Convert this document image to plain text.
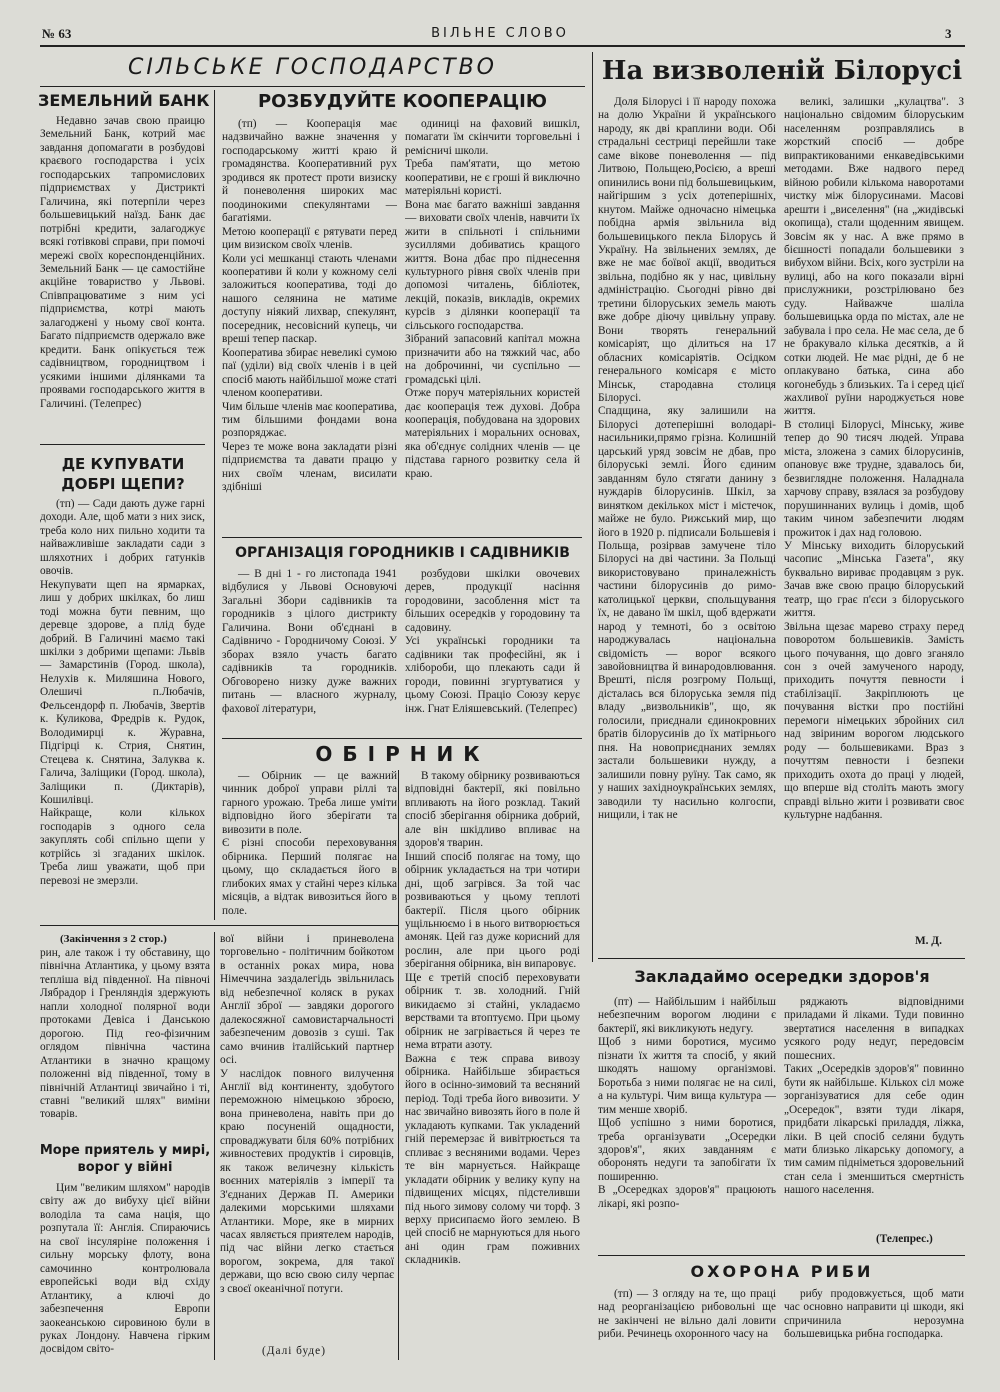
№ 63	ВІЛЬНЕ СЛОВО	3
СІЛЬСЬКЕ ГОСПОДАРСТВО
ЗЕМЕЛЬНИЙ БАНК
Недавно зачав свою праицю Земельний Банк, котрий має завдання допомагати в розбудові краєвого господарства і усіх господарських тапромислових підприємствах у Дистрикті Галичина, які потерпіли через большевицький наїзд. Банк дає потрібні кредити, залагоджує всякі готівкові справи, при помочі мережі своїх кореспонденційних. Земельний Банк — це самостійне акційне товариство у Львові. Співпрацюватиме з ним усі підприємства, котрі мають залагоджені у ньому свої конта. Багато підприємств одержало вже кредити. Банк опікується теж садівництвом, городництвом і усякими іншими ділянками та проявами господарського життя в Галичині. (Телепрес)
ДЕ КУПУВАТИ ДОБРІ ЩЕПИ?
(тп) — Сади дають дуже гарні доходи. Але, щоб мати з них зиск, треба коло них пильно ходити та найважливіше закладати сади з шляхотних і добрих гатунків овочів.
Некупувати щеп на ярмарках, лиш у добрих шкілках, бо лиш тоді можна бути певним, що деревце здорове, а плід буде добрий. В Галичині маємо такі шкілки з добрими щепами: Львів — Замарстинів (Город. школа), Нелухів к. Миляшина Нового, Олешичі п.Любачів, Фельсендорф п. Любачів, Звертів к. Куликова, Фредрів к. Рудок, Володимирці к. Журавна, Підгірці к. Стрия, Снятин, Стецева к. Снятина, Залуква к. Галича, Заліщики (Город. школа), Заліщики п. (Диктарів), Кошилівці.
Найкраще, коли кількох господарів з одного села закуплять собі спільно щепи у котрійсь зі згаданих шкілок. Треба лиш уважати, щоб при перевозі не змерзли.
РОЗБУДУЙТЕ КООПЕРАЦІЮ
(тп) — Кооперація має надзвичайно важне значення у господарському житті краю й громадянства. Кооперативний рух зродився як протест проти визиску й поневолення широких мас поодинокими спекулянтами — багатіями.
Метою кооперації є рятувати перед цим визиском своїх членів.
Коли усі мешканці стають членами кооперативи й коли у кожному селі заложиться кооператива, тоді до нашого селянина не матиме доступу ніякий лихвар, спекулянт, посередник, несовісний купець, чи вреші тепер паскар.
Кооператива збирає невеликі сумою паї (уділи) від своїх членів і в цей спосіб мають найбільшої може статі членом кооперативи.
Чим більше членів має кооператива, тим більшими фондами вона розпоряджає.
Через те може вона закладати різні підприємства та давати працю у них своїм членам, висилати здібніші
одиниці на фаховий вишкіл, помагати їм скінчити торговельні і ремісничі школи.
Треба пам'ятати, що метою кооперативи, не є гроші й виключно матеріяльні користі.
Вона має багато важніші завдання — виховати своїх членів, навчити їх жити в спільноті і спільними зусиллями добиватись кращого життя. Вона дбає про піднесення культурного рівня своїх членів при допомозі читалень, бібліотек, лекцій, показів, викладів, окремих курсів з ділянки кооперації та сільського господарства.
Зібраний запасовий капітал можна призначити або на тяжкий час, або на доброчинні, чи суспільно — громадські цілі.
Отже поруч матеріяльних користей дає кооперація теж духові. Добра кооперація, побудована на здорових матеріяльних і моральних основах, яка об'єднує солідних членів — це підстава гарного розвитку села й краю.
ОРГАНІЗАЦІЯ ГОРОДНИКІВ І САДІВНИКІВ
— В дні 1 - го листопада 1941 відбулися у Львові Основуючі Загальні Збори садівників та городників з цілого дистрикту Галичина. Вони об'єднані в Садівничо - Городничому Союзі. У зборах взяло участь багато садівників та городників. Обговорено низку дуже важних питань — власного журналу, фахової літератури,
розбудови шкілки овочевих дерев, продукції насіння городовини, засоблення міст та більших осередків у городовину та садовину.
Усі українські городники та садівники так професійні, як і хлібороби, що плекають сади й городи, повинні згуртуватися у цьому Союзі. Праціо Союзу керує інж. Гнат Еліяшевський. (Телепрес)
ОБІРНИК
— Обірник — це важний чинник доброї управи ріллі та гарного урожаю. Треба лише уміти відповідно його зберігати та вивозити в поле.
Є різні способи переховування обірника. Перший полягає на цьому, що складається його в глибоких ямах у стайні через кілька місяців, а відтак вивозиться його в поле.
В такому обірнику розвиваються відповідні бактерії, які повільно впливають на його розклад. Такий спосіб зберігання обірника добрий, але він шкідливо впливає на здоров'я тварин.
Інший спосіб полягає на тому, що обірник укладається на три чотири дні, щоб загрівся. За той час розвиваються у цьому теплоті бактерії. Після цього обірник ущільнюємо і в нього витворюється амоняк. Цей газ дуже корисний для рослин, але при цього роді зберігання обірника, він випаровує.
Ще є третій спосіб переховувати обірник т. зв. холодний. Гній викидаємо зі стайні, укладаємо верствами та втоптуємо. При цьому обірник не загрівається й через те нема втрати азоту.
Важна є теж справа вивозу обірника. Найбільше збирається його в осінно-зимовий та весняний період. Тоді треба його вивозити. У нас звичайно вивозять його в поле й укладають купками. Так укладений гній перемерзає й вивітрюється та спливає з весняними водами. Через те він марнується. Найкраще укладати обірник у велику купу на підвищених місцях, підстеливши під нього зимову солому чи торф. З верху присипаємо його землею. В цей спосіб не марнуються для нього ані один грам поживних складників.
(Закінчення з 2 стор.)
рин, але також і ту обставину, що північна Атлантика, у цьому взята тепліша від південної. На півночі Лябрадор і Гренляндія здержують напли холодної полярної води протоками Девіса і Данською дорогою. Під гео-фізичним оглядом північна частина Атлантики в значно кращому положенні від південної, тому в північній Атлантиці звичайно і ті, ставні "великий шлях" виміни товарів.
Море приятель у мирі, ворог у війні
Цим "великим шляхом" народів світу аж до вибуху цієї війни володіла та сама нація, що розпутала її: Англія. Спираючись на свої інсуляріне положення і сильну морську флоту, вона самочинно контролювала европейські води від східу Атлантику, а ключі до забезпечення Европи заокеанською сировиною були в руках Лондону. Навчена гірким досвідом світо-
вої війни і приневолена торговельно - політичним бойкотом в останніх роках мира, нова Німеччина заздалегідь звільнилась від небезпечної коляск в руках Англії зброї — завдяки дорогого далекосяжної самовистарчальності забезпеченим довозів з суші. Так само вчинив італійський партнер осі.
У наслідок повного вилучення Англії від континенту, здобутого переможною німецькою зброєю, вона приневолена, навіть при до краю посуненій ощадности, спроваджувати біля 60% потрібних живностевих продуктів і сировців, як також величезну кількість воєнних матеріялів з імперії та З'єднаних Держав П. Америки далекими морськими шляхами Атлантики. Море, яке в мирних часах являється приятелем народів, під час війни легко стається ворогом, зокрема, для такої держави, що всю свою силу черпає з своєї океанічної потуги.
(Далі буде)
На визволеній Білорусі
Доля Білорусі і її народу похожа на долю України й українського народу, як дві краплини води. Обі страдальні сестриці перейшли таке саме вікове поневолення — під Литвою, Польщею,Росією, а вреші опинились вони під большевицьким, найгіршим з усіх дотеперішніх, кнутом. Майже одночасно німецька побідна армія звільнила від большевицького пекла Білорусь й Україну. На звільнених землях, де вже не має боївої акції, вводиться звільна, подібно як у нас, цивільну адміністрацію. Сьогодні рівно дві третини білоруських земель мають вже добре діючу цивільну управу. Вони творять генеральний комісаріят, що ділиться на 17 обласних комісаріятів. Осідком генерального комісаря є місто Мінськ, стародавна столиця Білорусі.
Спадщина, яку залишили на Білорусі дотеперішні володарі-насильники,прямо грізна. Колишній царський уряд зовсім не дбав, про білоруські землі. Його єдиним завданням було стягати данину з нуждарів білорусинів. Шкіл, за винятком декількох міст і містечок, майже не було. Рижський мир, що його в 1920 р. підписали Большевія і Польща, розірвав замучене тіло Білорусі на дві частини. За Польщі використовувано приналежність частини білорусинів до римо-католицької церкви, спольщування їх, не давано їм шкіл, щоб вдержати народ у темноті, бо з освітою народжувалась національна свідомість — ворог всякого завойовництва й винародовлювання. Врешті, після розгрому Польщі, дісталась вся білоруська земля під владу „визвольників", що, як голосили, приєднали єдинокровних братів білорусинів до їх матірнього пня. На новоприєднаних землях застали большевики нужду, а залишили повну руїну. Так само, як у наших західноукраїнських землях, заводили ту насильно колгоспи, нищили, і так не
великі, залишки „кулацтва". З національно свідомим білоруським населенням розправлялись в жорсткий спосіб — добре випрактикованими енкаведівськими методами. Вже надвого перед війною робили кількома наворотами чистку між білорусинами. Масові арешти і „виселення" (на „жидівські окопища), стали щоденним явищем. Зовсім як у нас. А вже прямо в бієшності попадали большевики з вибухом війни. Всіх, кого зустріли на вулиці, або на кого показали вірні прислужники, розстрілювано без суду. Найважче шаліла большевицька орда по містах, але не забувала і про села. Не має села, де б не бракувало кілька десятків, а й сотки людей. Не має рідні, де б не оплакувано батька, сина або когонебудь з близьких. Та і серед цієї жахливої руїни народжується нове життя.
В столиці Білорусі, Мінську, живе тепер до 90 тисяч людей. Управа міста, зложена з самих білорусинів, опановує вже трудне, здавалось би, безвиглядне положення. Наладнала харчову справу, взялася за розбудову порушиннаних вулиць і домів, щоб таким чином забезпечити людям прожиток і дах над головою.
У Мінську виходить білоруський часопис „Мінська Газета", яку буквально вириває продавцям з рук. Зачав вже свою працю білоруський театр, що грає п'єси з білоруського життя.
Звільна щезає марево страху перед поворотом большевиків. Замість цього почування, що довго зганяло сон з очей замученого народу, приходить почуття певности і стабілізації. Закріплюють це почування вістки про постійні перемоги німецьких збройних сил над звіриним ворогом людського роду — большевиками. Враз з почуттям певности і безпеки приходить охота до праці у людей, що вперше від століть мають змогу справді вільно жити і розвивати своє культурне надбання.
М. Д.
Закладаймо осередки здоров'я
(пт) — Найбільшим і найбільш небезпечним ворогом людини є бактерії, які викликують недугу.
Щоб з ними боротися, мусимо пізнати їх життя та спосіб, у який шкодять нашому організмові. Боротьба з ними полягає не на силі, а на культурі. Чим вища культура — тим менше хворіб.
Щоб успішно з ними боротися, треба організувати „Осередки здоров'я", яких завданням є оборонять недуги та запобігати їх поширенню.
В „Осередках здоров'я" працюють лікарі, які розпо-
ряджають відповідними приладами й ліками. Туди повинно звертатися населення в випадках усякого роду недуг, передовсім пошесних.
Таких „Осередків здоров'я" повинно бути як найбільше. Кількох сіл може зорганізуватися для себе один „Осередок", взяти туди лікаря, придбати лікарські приладдя, ліжка, ліки. В цей спосіб селяни будуть мати близько лікарську допомогу, а тим самим підніметься здоровельний стан села і зменшиться смертність нашого населення.
(Телепрес.)
ОХОРОНА РИБИ
(тп) — З огляду на те, що праці над реорганізацією рибовольні ще не закінчені не вільно далі ловити риби. Речинець охоронного часу на
рибу продовжується, щоб мати час основно направити ці шкоди, які спричинила нерозумна большевицька рибна господарка.
